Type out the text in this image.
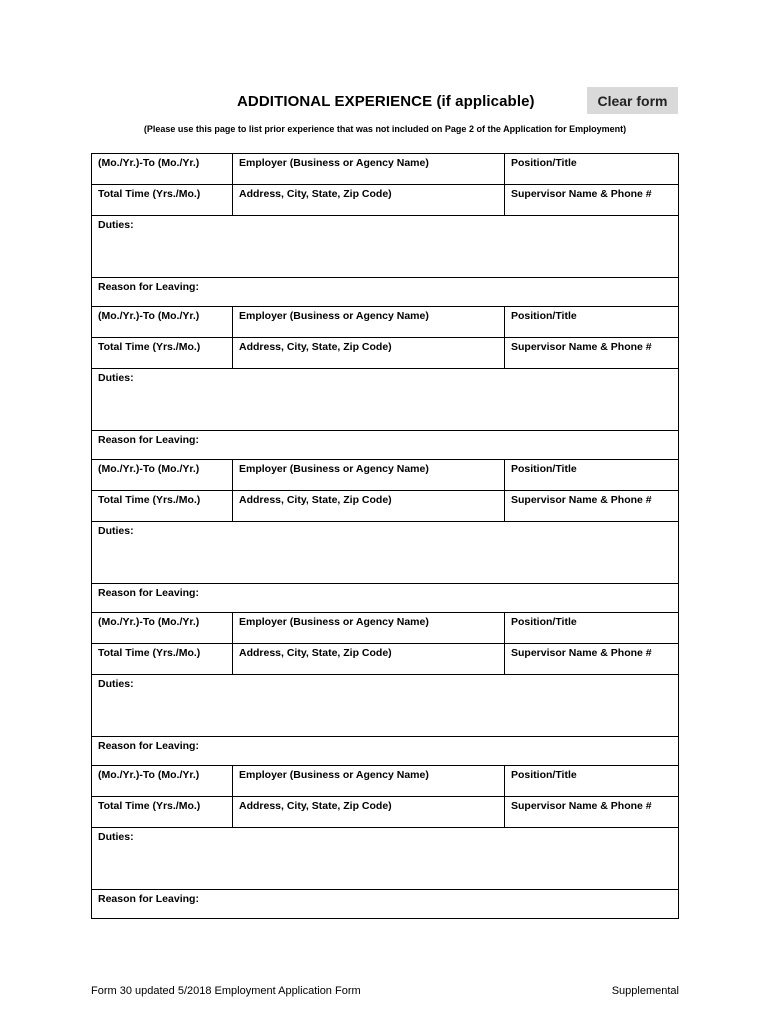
ADDITIONAL EXPERIENCE (if applicable)	Clear form
(Please use this page to list prior experience that was not included on Page 2 of the Application for Employment)
(Mo./Yr.)-To (Mo./Yr.)	Employer (Business or Agency Name)	Position/Title
Total Time (Yrs./Mo.)	Address, City, State, Zip Code)	Supervisor Name & Phone #
Duties:
Reason for Leaving:
(Mo./Yr.)-To (Mo./Yr.)	Employer (Business or Agency Name)	Position/Title
Total Time (Yrs./Mo.)	Address, City, State, Zip Code)	Supervisor Name & Phone #
Duties:
Reason for Leaving:
(Mo./Yr.)-To (Mo./Yr.)	Employer (Business or Agency Name)	Position/Title
Total Time (Yrs./Mo.)	Address, City, State, Zip Code)	Supervisor Name & Phone #
Duties:
Reason for Leaving:
(Mo./Yr.)-To (Mo./Yr.)	Employer (Business or Agency Name)	Position/Title
Total Time (Yrs./Mo.)	Address, City, State, Zip Code)	Supervisor Name & Phone #
Duties:
Reason for Leaving:
(Mo./Yr.)-To (Mo./Yr.)	Employer (Business or Agency Name)	Position/Title
Total Time (Yrs./Mo.)	Address, City, State, Zip Code)	Supervisor Name & Phone #
Duties:
Reason for Leaving:
Form 30 updated 5/2018 Employment Application Form	Supplemental
